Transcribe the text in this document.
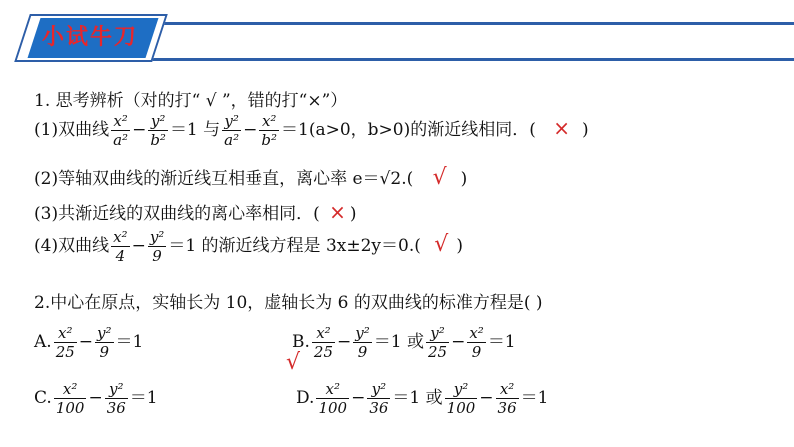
小试牛刀
1. 思考辨析（对的打“ √ ”，错的打“×”）
(1)双曲线 $\frac{\text{x²}}{\text{a²}} - \frac{\text{y²}}{\text{b²}} =1$ 与 $\frac{\text{y²}}{\text{a²}} - \frac{\text{x²}}{\text{b²}} =1(a>0$，b>0)的渐近线相同．( × )
(2)等轴双曲线的渐近线互相垂直，离心率 e＝√2.( √ )
(3)共渐近线的双曲线的离心率相同．( × )
(4)双曲线 $\frac{\text{x²}}{4} - \frac{\text{y²}}{9} =1$ 的渐近线方程是 3x±2y＝0.( √ )
2.中心在原点，实轴长为 10，虚轴长为 6 的双曲线的标准方程是( )
A. $\frac{\text{x²}}{25} - \frac{\text{y²}}{9} =1$	B. $\frac{\text{x²}}{25} - \frac{\text{y²}}{9} =1$ 或 $\frac{\text{y²}}{25} - \frac{\text{x²}}{9} =1$
√
C. $\frac{\text{x²}}{100} - \frac{\text{y²}}{36} =1$	D. $\frac{\text{x²}}{100} - \frac{\text{y²}}{36} =1$ 或 $\frac{\text{y²}}{100} - \frac{\text{x²}}{36} =1$
